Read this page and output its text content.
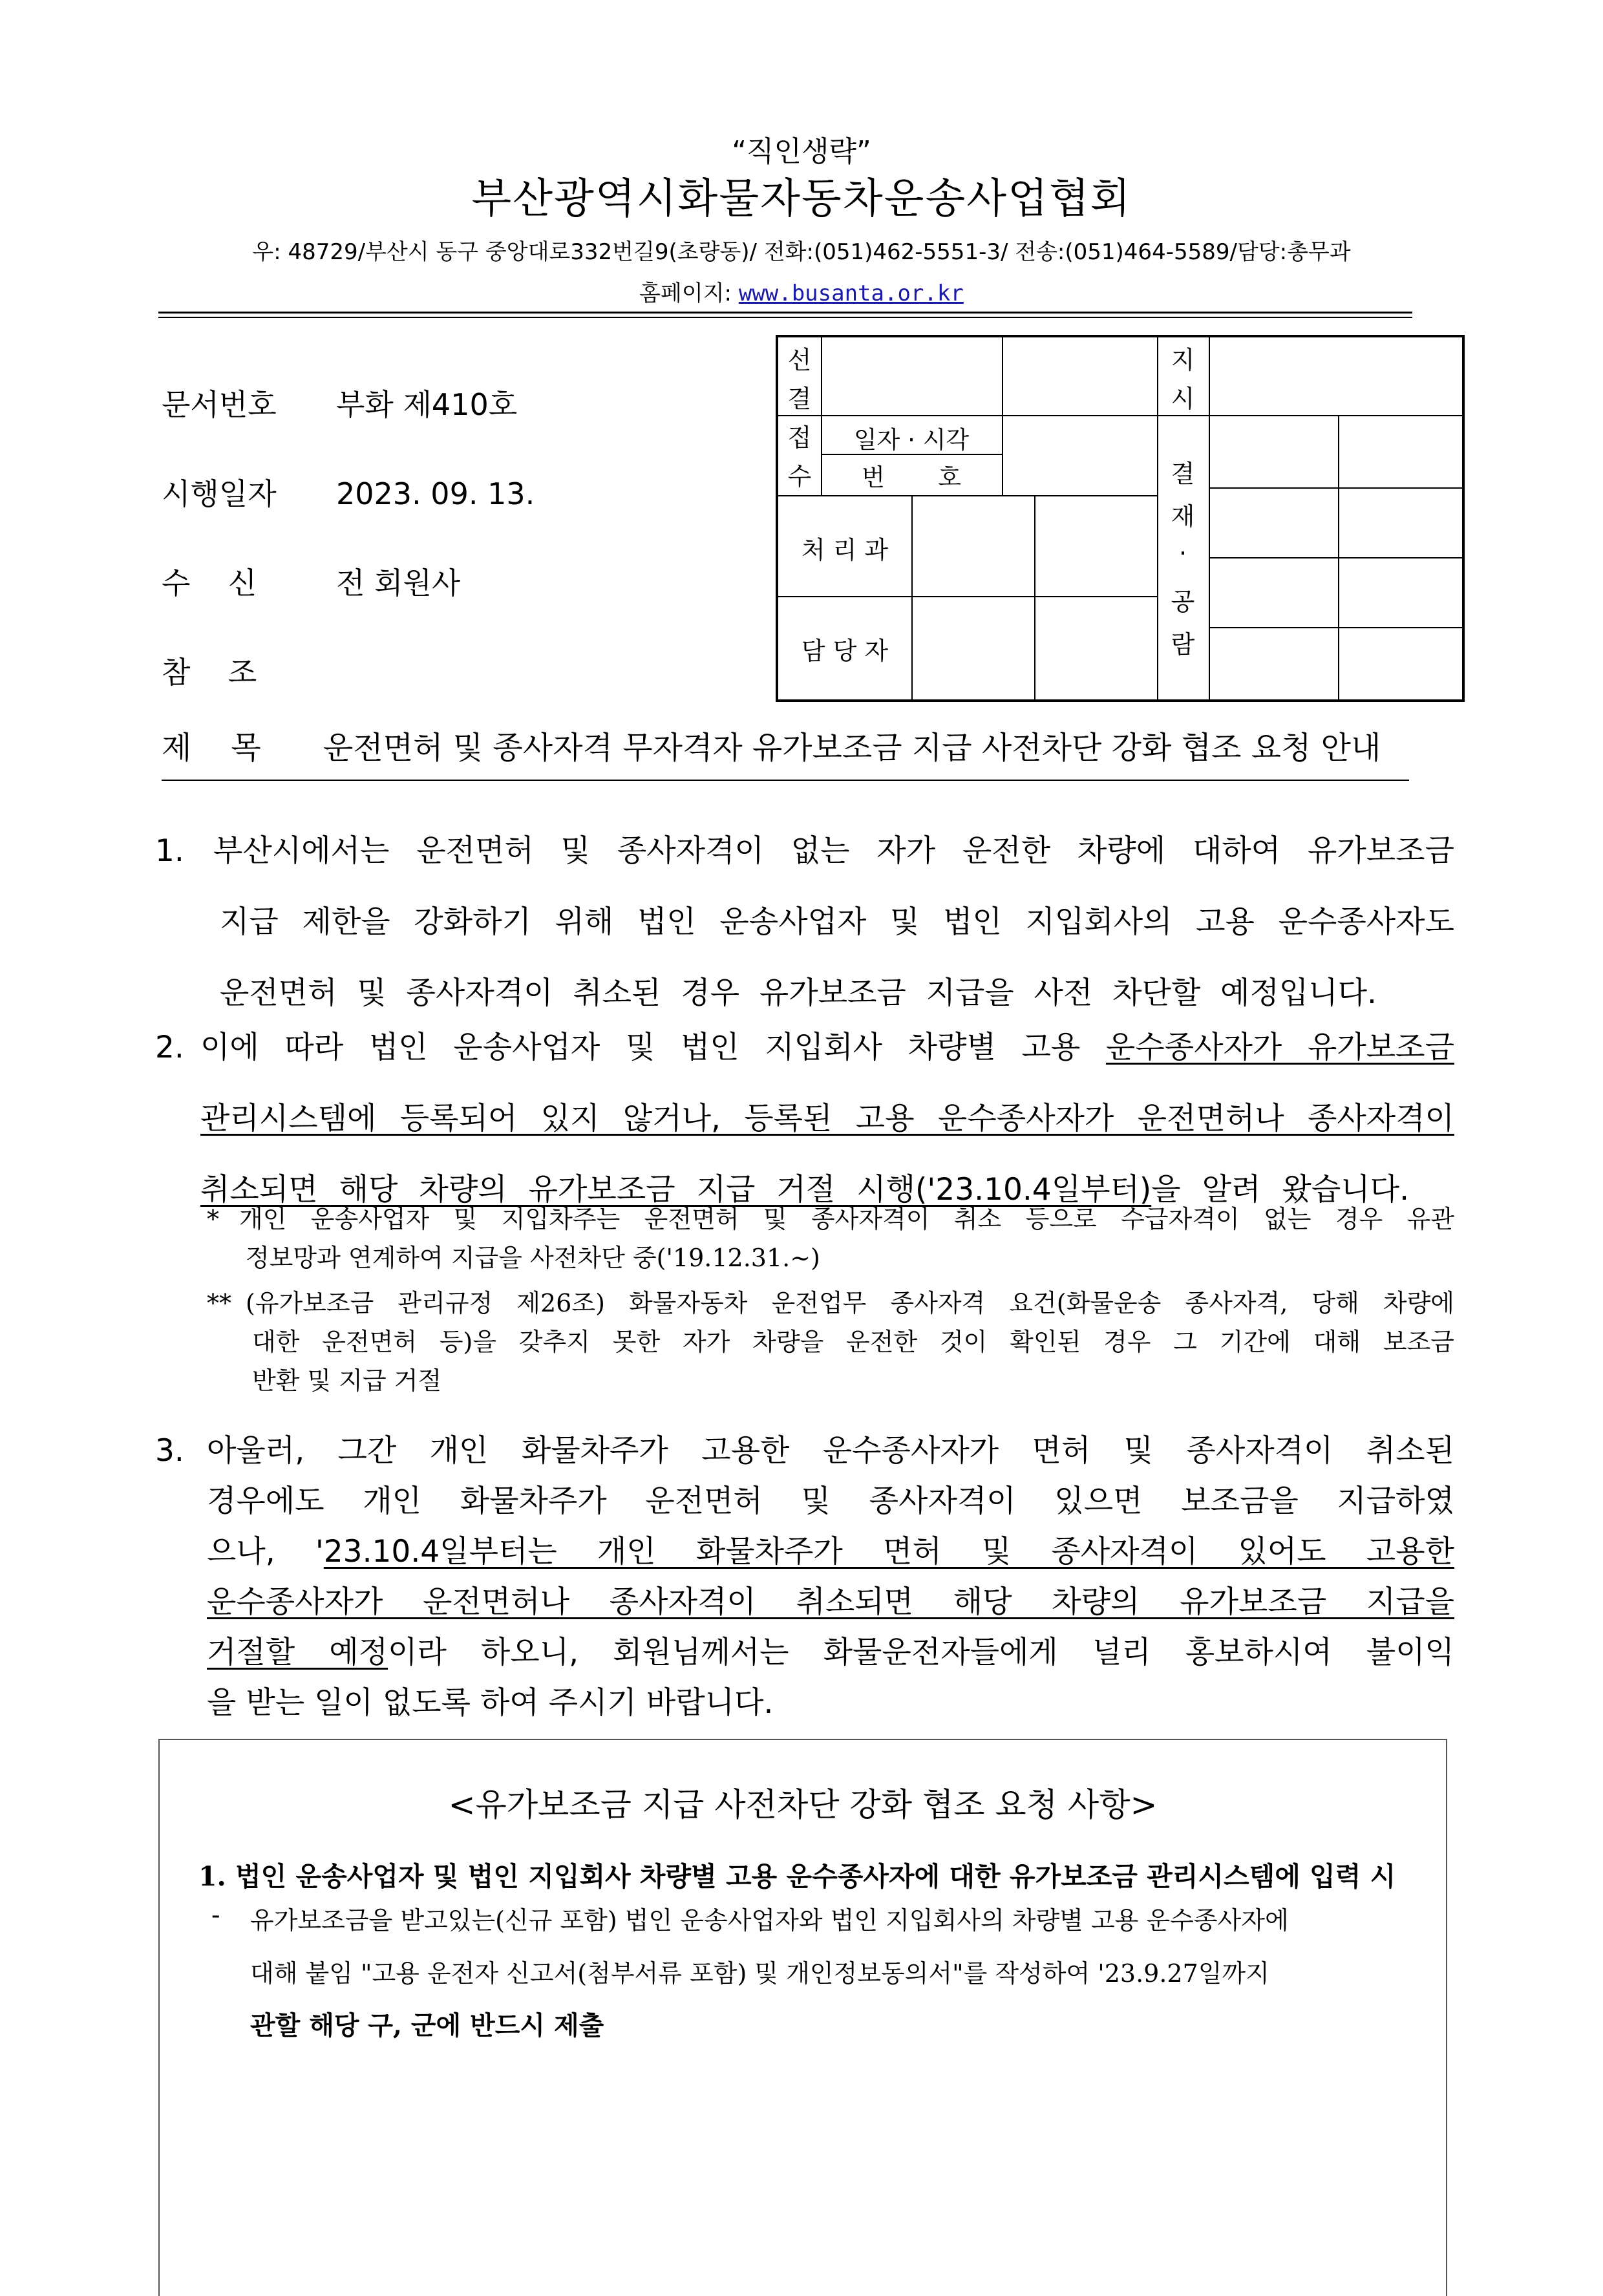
“직인생략”
부산광역시화물자동차운송사업협회
우: 48729/부산시 동구 중앙대로332번길9(초량동)/ 전화:(051)462-5551-3/ 전송:(051)464-5589/담당:총무과
홈페이지: www.busanta.or.kr
문서번호 부화 제410호
시행일자 2023. 09. 13.
수    신	전 회원사
참    조
선
결
지
시
접
수
일자 · 시각
번       호	결
재
·
공
람
처 리 과
담 당 자
제    목 운전면허 및 종사자격 무자격자 유가보조금 지급 사전차단 강화 협조 요청 안내
1. 부산시에서는 운전면허 및 종사자격이 없는 자가 운전한 차량에 대하여 유가보조금
지급 제한을 강화하기 위해 법인 운송사업자 및 법인 지입회사의 고용 운수종사자도
운전면허 및 종사자격이 취소된 경우 유가보조금 지급을 사전 차단할 예정입니다.
2. 이에 따라 법인 운송사업자 및 법인 지입회사 차량별 고용 운수종사자가 유가보조금
관리시스템에 등록되어 있지 않거나, 등록된 고용 운수종사자가 운전면허나 종사자격이
취소되면 해당 차량의 유가보조금 지급 거절 시행('23.10.4일부터)을 알려 왔습니다.
* 개인 운송사업자 및 지입차주는 운전면허 및 종사자격이 취소 등으로 수급자격이 없는 경우 유관
정보망과 연계하여 지급을 사전차단 중('19.12.31.~)
** (유가보조금 관리규정 제26조) 화물자동차 운전업무 종사자격 요건(화물운송 종사자격, 당해 차량에
대한 운전면허 등)을 갖추지 못한 자가 차량을 운전한 것이 확인된 경우 그 기간에 대해 보조금
반환 및 지급 거절
3. 아울러, 그간 개인 화물차주가 고용한 운수종사자가 면허 및 종사자격이 취소된
경우에도 개인 화물차주가 운전면허 및 종사자격이 있으면 보조금을 지급하였
으나, '23.10.4일부터는 개인 화물차주가 면허 및 종사자격이 있어도 고용한
운수종사자가 운전면허나 종사자격이 취소되면 해당 차량의 유가보조금 지급을
거절할 예정이라 하오니, 회원님께서는 화물운전자들에게 널리 홍보하시여 불이익
을 받는 일이 없도록 하여 주시기 바랍니다.
<유가보조금 지급 사전차단 강화 협조 요청 사항>
1. 법인 운송사업자 및 법인 지입회사 차량별 고용 운수종사자에 대한 유가보조금 관리시스템에 입력 시
- 유가보조금을 받고있는(신규 포함) 법인 운송사업자와 법인 지입회사의 차량별 고용 운수종사자에
대해 붙임 "고용 운전자 신고서(첨부서류 포함) 및 개인정보동의서"를 작성하여 '23.9.27일까지
관할 해당 구, 군에 반드시 제출
